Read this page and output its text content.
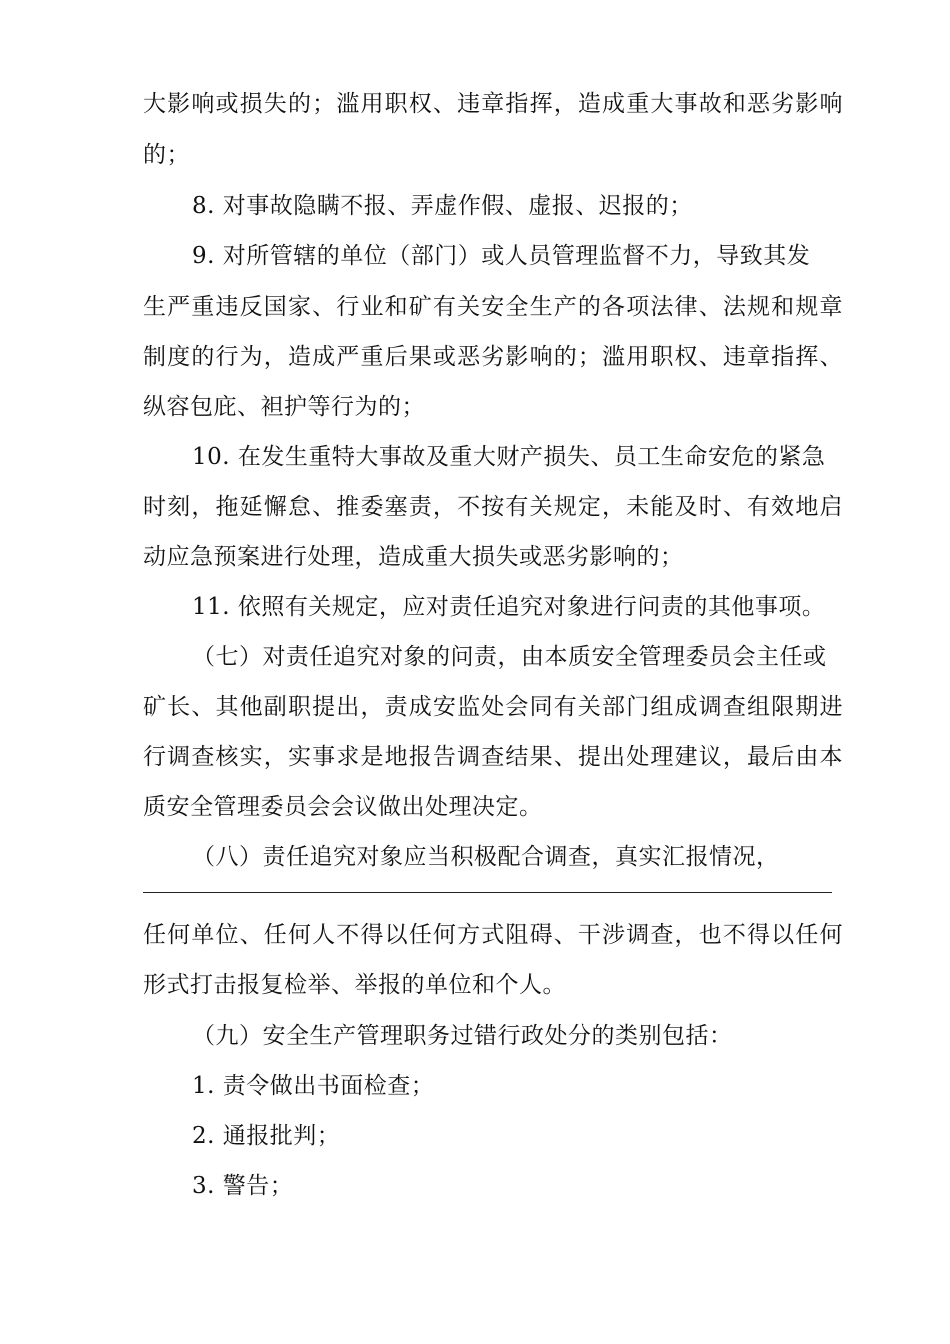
大影响或损失的；滥用职权、违章指挥，造成重大事故和恶劣影响
的；
8. 对事故隐瞒不报、弄虚作假、虚报、迟报的；
9. 对所管辖的单位（部门）或人员管理监督不力，导致其发
生严重违反国家、行业和矿有关安全生产的各项法律、法规和规章
制度的行为，造成严重后果或恶劣影响的；滥用职权、违章指挥、
纵容包庇、袒护等行为的；
10. 在发生重特大事故及重大财产损失、员工生命安危的紧急
时刻，拖延懈怠、推委塞责，不按有关规定，未能及时、有效地启
动应急预案进行处理，造成重大损失或恶劣影响的；
11. 依照有关规定，应对责任追究对象进行问责的其他事项。
（七）对责任追究对象的问责，由本质安全管理委员会主任或
矿长、其他副职提出，责成安监处会同有关部门组成调查组限期进
行调查核实，实事求是地报告调查结果、提出处理建议，最后由本
质安全管理委员会会议做出处理决定。
（八）责任追究对象应当积极配合调查，真实汇报情况，
任何单位、任何人不得以任何方式阻碍、干涉调查，也不得以任何
形式打击报复检举、举报的单位和个人。
（九）安全生产管理职务过错行政处分的类别包括：
1. 责令做出书面检查；
2. 通报批判；
3. 警告；
